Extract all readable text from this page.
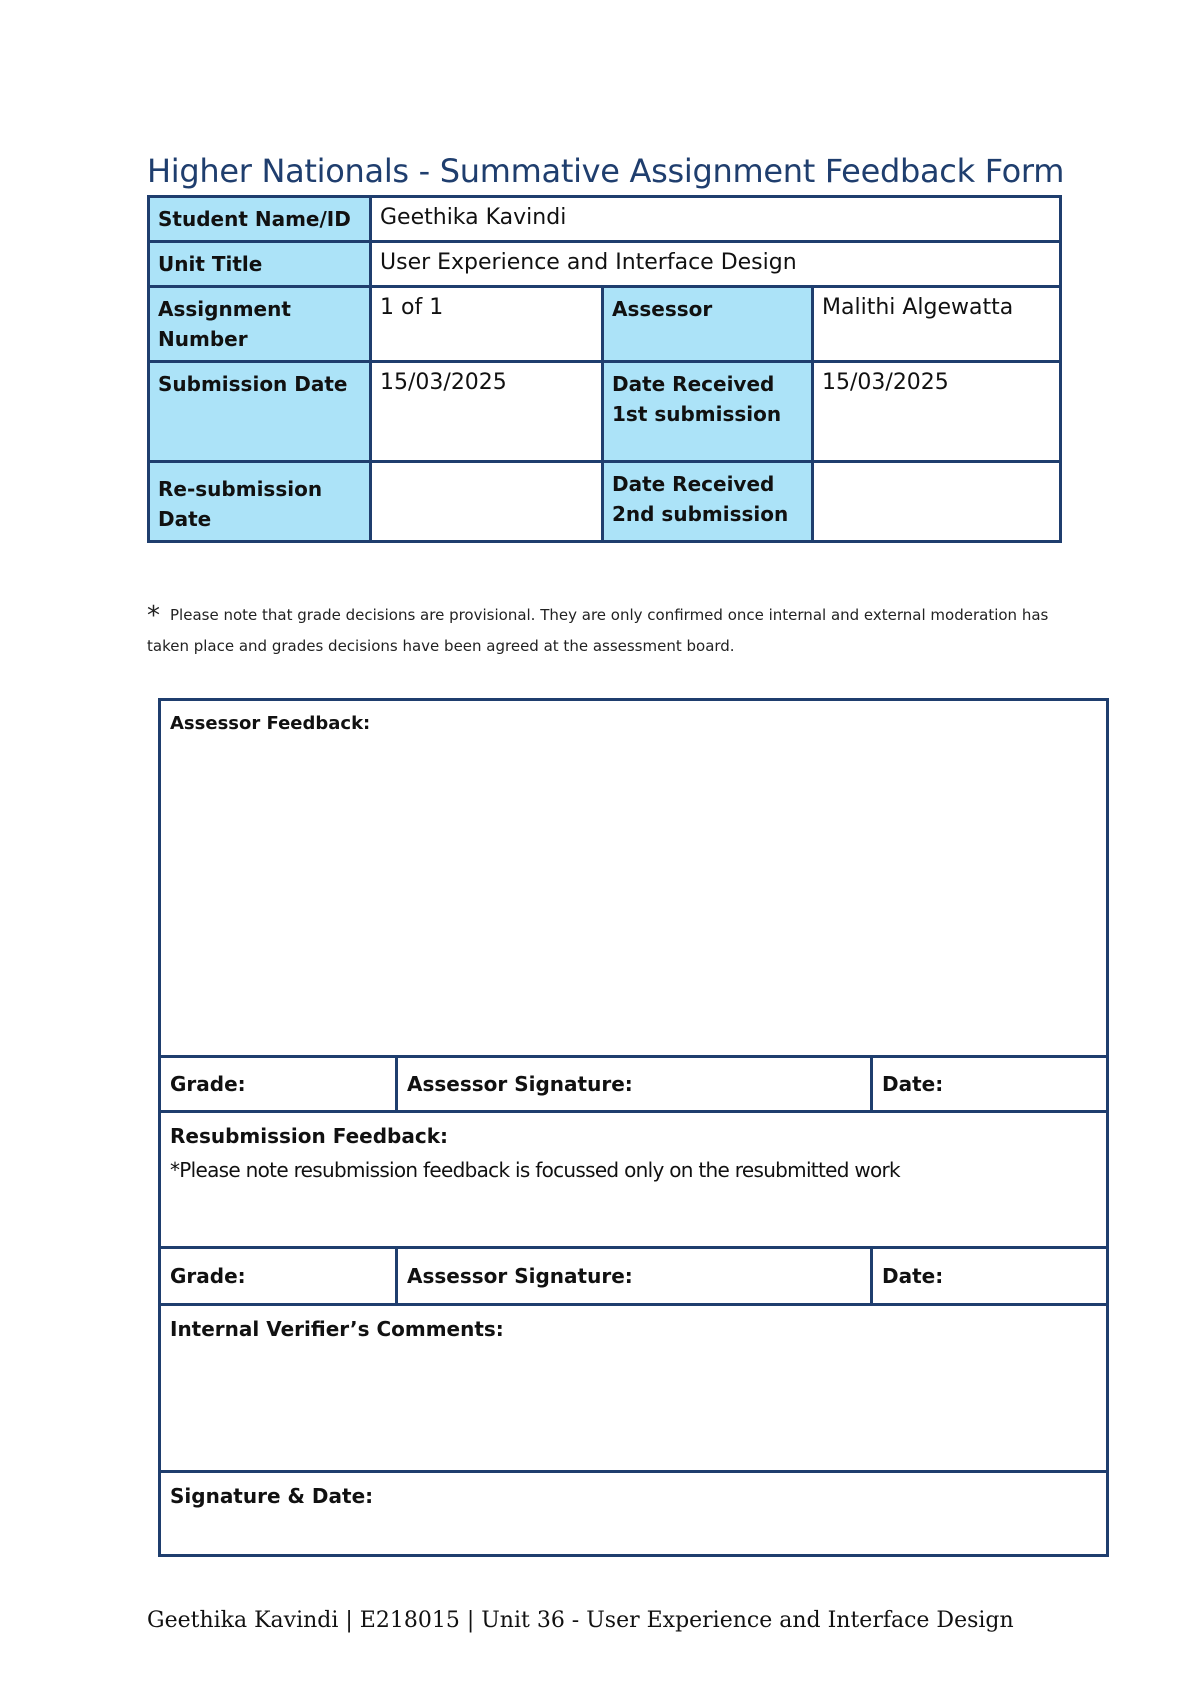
Higher Nationals - Summative Assignment Feedback Form
Student Name/ID	Geethika Kavindi		
Unit Title	User Experience and Interface Design		
Assignment Number	1 of 1	Assessor	Malithi Algewatta
Submission Date	15/03/2025	Date Received 1st submission	15/03/2025
Re-submission Date		Date Received 2nd submission	
* Please note that grade decisions are provisional. They are only confirmed once internal and external moderation has taken place and grades decisions have been agreed at the assessment board.
Assessor Feedback:		
Grade:	Assessor Signature:	Date:
Resubmission Feedback:
*Please note resubmission feedback is focussed only on the resubmitted work		

Grade:	Assessor Signature:	Date:
Internal Verifier’s Comments:		
Signature & Date:		
Geethika Kavindi | E218015 | Unit 36 - User Experience and Interface Design
